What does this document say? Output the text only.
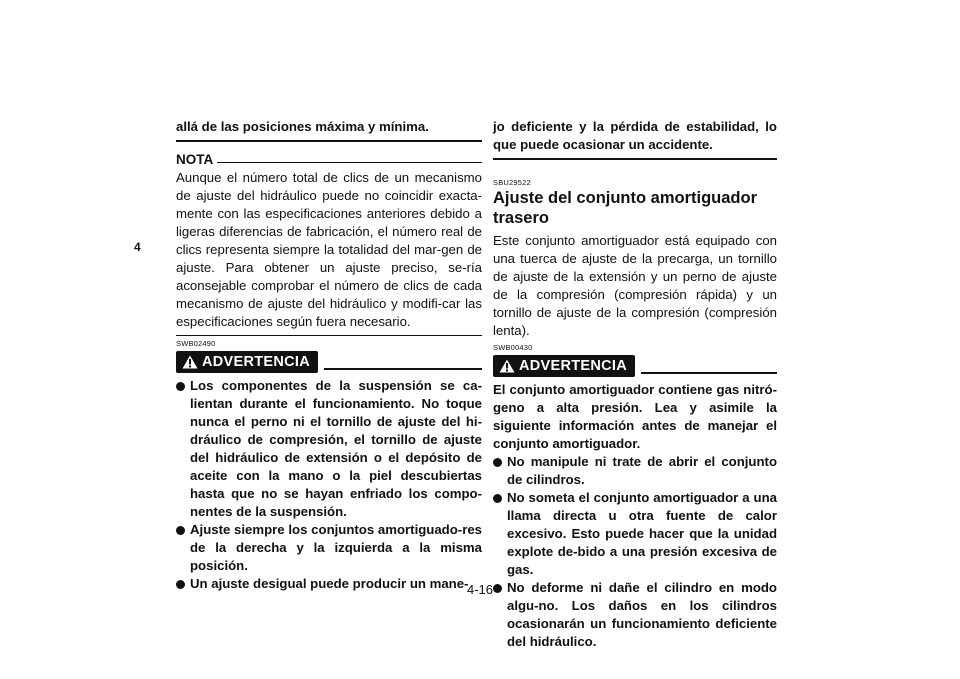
4

allá de las posiciones máxima y mínima.

NOTA

Aunque el número total de clics de un mecanismo de ajuste del hidráulico puede no coincidir exacta-mente con las especificaciones anteriores debido a ligeras diferencias de fabricación, el número real de clics representa siempre la totalidad del mar-gen de ajuste. Para obtener un ajuste preciso, se-ría aconsejable comprobar el número de clics de cada mecanismo de ajuste del hidráulico y modifi-car las especificaciones según fuera necesario.

SWB02490

ADVERTENCIA
Los componentes de la suspensión se ca-lientan durante el funcionamiento. No toque nunca el perno ni el tornillo de ajuste del hi-dráulico de compresión, el tornillo de ajuste del hidráulico de extensión o el depósito de aceite con la mano o la piel descubiertas hasta que no se hayan enfriado los compo-nentes de la suspensión.
Ajuste siempre los conjuntos amortiguado-res de la derecha y la izquierda a la misma posición.
Un ajuste desigual puede producir un mane-

jo deficiente y la pérdida de estabilidad, lo que puede ocasionar un accidente.

SBU29522

Ajuste del conjunto amortiguador trasero

Este conjunto amortiguador está equipado con una tuerca de ajuste de la precarga, un tornillo de ajuste de la extensión y un perno de ajuste de la compresión (compresión rápida) y un tornillo de ajuste de la compresión (compresión lenta).

SWB00430

ADVERTENCIA

El conjunto amortiguador contiene gas nitró-geno a alta presión. Lea y asimile la siguiente información antes de manejar el conjunto amortiguador.

No manipule ni trate de abrir el conjunto de cilindros.
No someta el conjunto amortiguador a una llama directa u otra fuente de calor excesivo. Esto puede hacer que la unidad explote de-bido a una presión excesiva de gas.
No deforme ni dañe el cilindro en modo algu-no. Los daños en los cilindros ocasionarán un funcionamiento deficiente del hidráulico.
4-16
